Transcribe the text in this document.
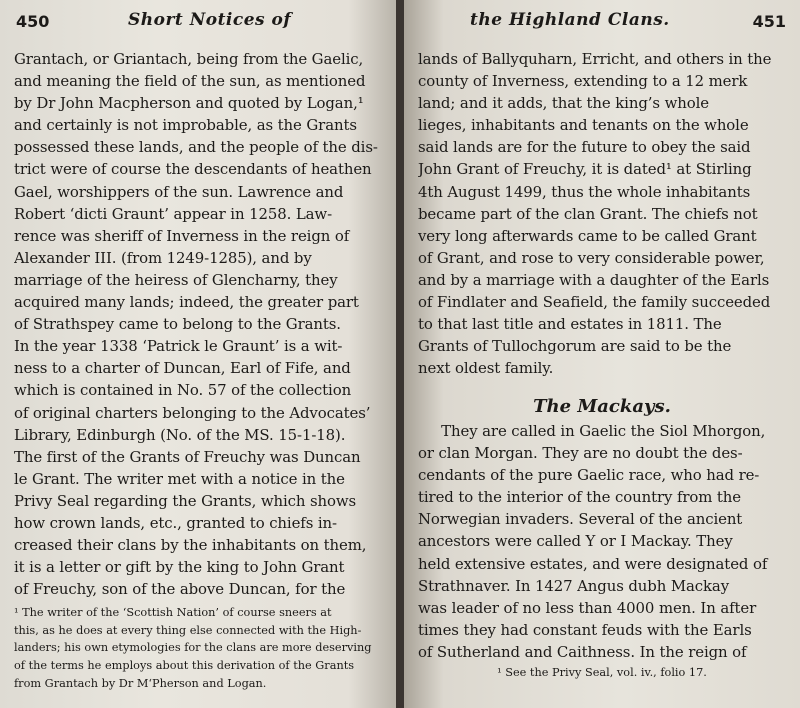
450	Short Notices of
Grantach, or Griantach, being from the Gaelic,
and meaning the field of the sun, as mentioned
by Dr John Macpherson and quoted by Logan,¹
and certainly is not improbable, as the Grants
possessed these lands, and the people of the dis-
trict were of course the descendants of heathen
Gael, worshippers of the sun. Lawrence and
Robert ‘dicti Graunt’ appear in 1258. Law-
rence was sheriff of Inverness in the reign of
Alexander III. (from 1249-1285), and by
marriage of the heiress of Glencharny, they
acquired many lands; indeed, the greater part
of Strathspey came to belong to the Grants.
In the year 1338 ‘Patrick le Graunt’ is a wit-
ness to a charter of Duncan, Earl of Fife, and
which is contained in No. 57 of the collection
of original charters belonging to the Advocates’
Library, Edinburgh (No. of the MS. 15-1-18).
The first of the Grants of Freuchy was Duncan
le Grant. The writer met with a notice in the
Privy Seal regarding the Grants, which shows
how crown lands, etc., granted to chiefs in-
creased their clans by the inhabitants on them,
it is a letter or gift by the king to John Grant
of Freuchy, son of the above Duncan, for the
¹ The writer of the ‘Scottish Nation’ of course sneers at
this, as he does at every thing else connected with the High-
landers; his own etymologies for the clans are more deserving
of the terms he employs about this derivation of the Grants
from Grantach by Dr M‘Pherson and Logan.
the Highland Clans.	451
lands of Ballyquharn, Erricht, and others in the
county of Inverness, extending to a 12 merk
land; and it adds, that the king’s whole
lieges, inhabitants and tenants on the whole
said lands are for the future to obey the said
John Grant of Freuchy, it is dated¹ at Stirling
4th August 1499, thus the whole inhabitants
became part of the clan Grant. The chiefs not
very long afterwards came to be called Grant
of Grant, and rose to very considerable power,
and by a marriage with a daughter of the Earls
of Findlater and Seafield, the family succeeded
to that last title and estates in 1811. The
Grants of Tullochgorum are said to be the
next oldest family.
The Mackays.
They are called in Gaelic the Siol Mhorgon,
or clan Morgan. They are no doubt the des-
cendants of the pure Gaelic race, who had re-
tired to the interior of the country from the
Norwegian invaders. Several of the ancient
ancestors were called Y or I Mackay. They
held extensive estates, and were designated of
Strathnaver. In 1427 Angus dubh Mackay
was leader of no less than 4000 men. In after
times they had constant feuds with the Earls
of Sutherland and Caithness. In the reign of
¹ See the Privy Seal, vol. iv., folio 17.
